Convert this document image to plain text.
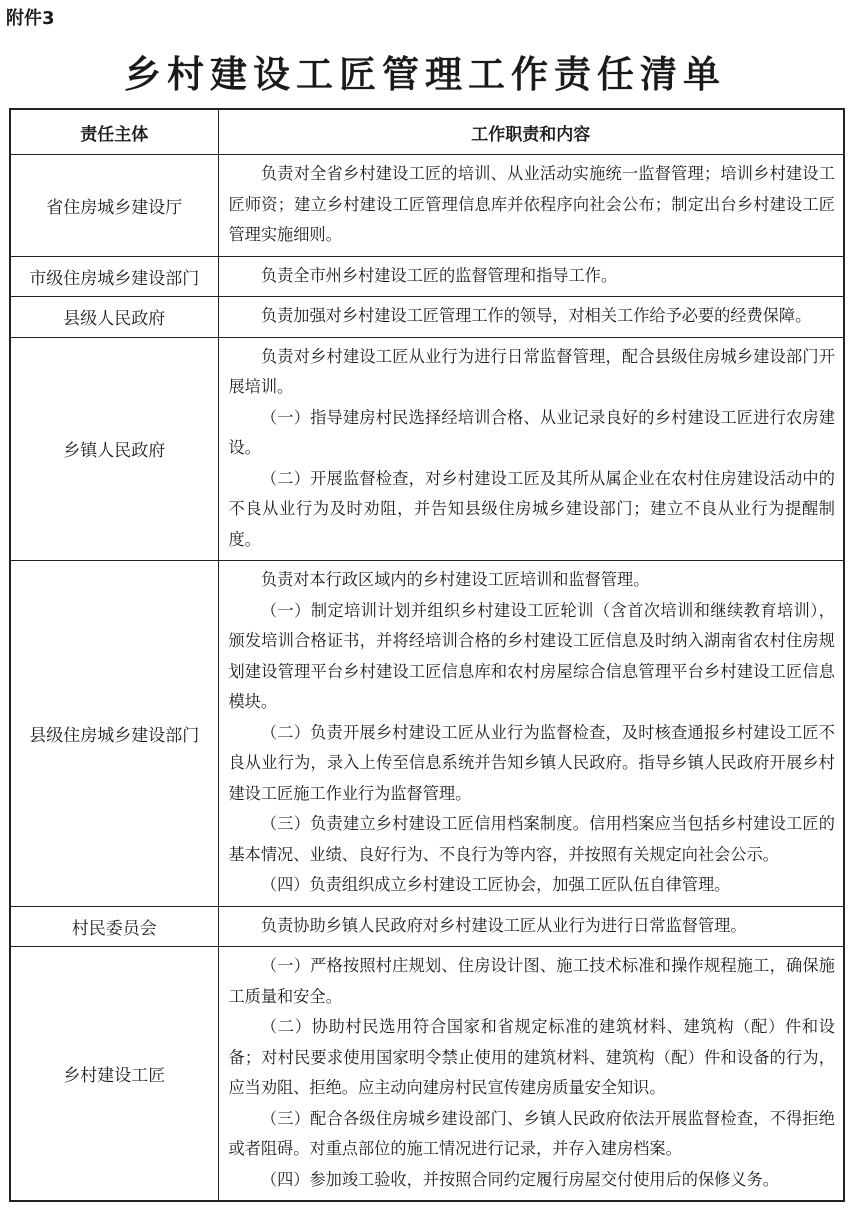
附件3
乡村建设工匠管理工作责任清单
责任主体	工作职责和内容
省住房城乡建设厅	负责对全省乡村建设工匠的培训、从业活动实施统一监督管理；培训乡村建设工匠师资；建立乡村建设工匠管理信息库并依程序向社会公布；制定出台乡村建设工匠管理实施细则。

市级住房城乡建设部门	负责全市州乡村建设工匠的监督管理和指导工作。

县级人民政府	负责加强对乡村建设工匠管理工作的领导，对相关工作给予必要的经费保障。

乡镇人民政府	负责对乡村建设工匠从业行为进行日常监督管理，配合县级住房城乡建设部门开展培训。

（一）指导建房村民选择经培训合格、从业记录良好的乡村建设工匠进行农房建设。

（二）开展监督检查，对乡村建设工匠及其所从属企业在农村住房建设活动中的不良从业行为及时劝阻，并告知县级住房城乡建设部门；建立不良从业行为提醒制度。

县级住房城乡建设部门	负责对本行政区域内的乡村建设工匠培训和监督管理。

（一）制定培训计划并组织乡村建设工匠轮训（含首次培训和继续教育培训），颁发培训合格证书，并将经培训合格的乡村建设工匠信息及时纳入湖南省农村住房规划建设管理平台乡村建设工匠信息库和农村房屋综合信息管理平台乡村建设工匠信息模块。

（二）负责开展乡村建设工匠从业行为监督检查，及时核查通报乡村建设工匠不良从业行为，录入上传至信息系统并告知乡镇人民政府。指导乡镇人民政府开展乡村建设工匠施工作业行为监督管理。

（三）负责建立乡村建设工匠信用档案制度。信用档案应当包括乡村建设工匠的基本情况、业绩、良好行为、不良行为等内容，并按照有关规定向社会公示。

（四）负责组织成立乡村建设工匠协会，加强工匠队伍自律管理。

村民委员会	负责协助乡镇人民政府对乡村建设工匠从业行为进行日常监督管理。

乡村建设工匠	（一）严格按照村庄规划、住房设计图、施工技术标准和操作规程施工，确保施工质量和安全。

（二）协助村民选用符合国家和省规定标准的建筑材料、建筑构（配）件和设备；对村民要求使用国家明令禁止使用的建筑材料、建筑构（配）件和设备的行为，应当劝阻、拒绝。应主动向建房村民宣传建房质量安全知识。

（三）配合各级住房城乡建设部门、乡镇人民政府依法开展监督检查，不得拒绝或者阻碍。对重点部位的施工情况进行记录，并存入建房档案。

（四）参加竣工验收，并按照合同约定履行房屋交付使用后的保修义务。
